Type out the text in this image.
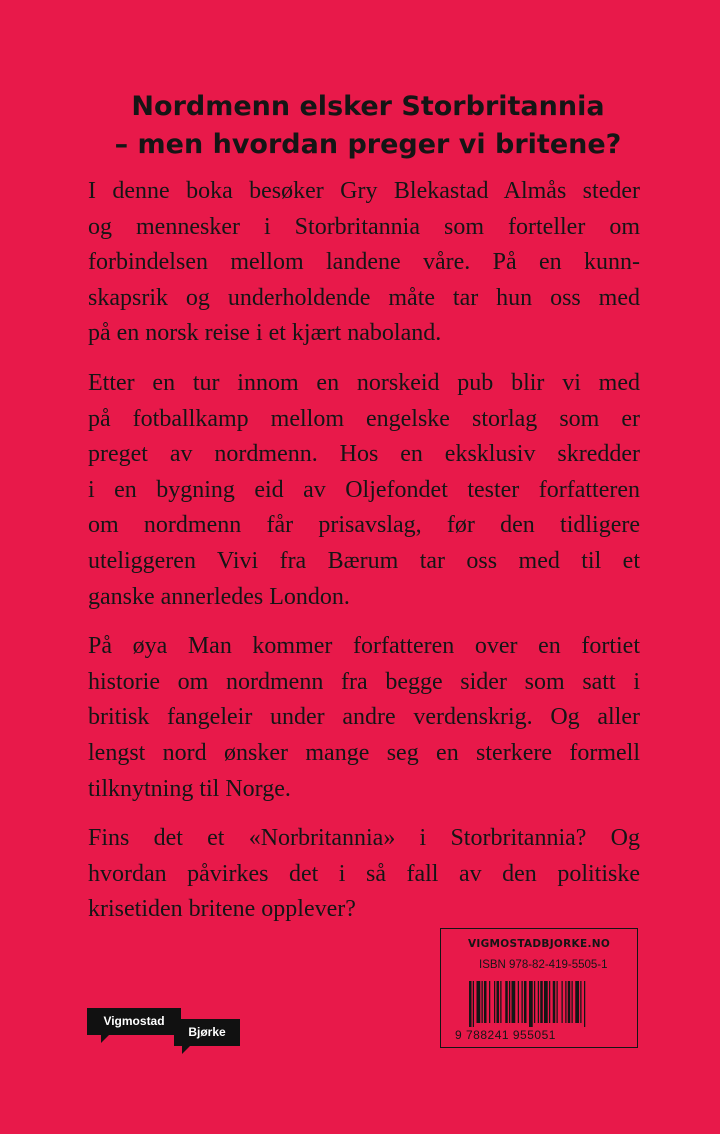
Nordmenn elsker Storbritannia
– men hvordan preger vi britene?

I denne boka besøker Gry Blekastad Almås steder
og mennesker i Storbritannia som forteller om
forbindelsen mellom landene våre. På en kunn-
skapsrik og underholdende måte tar hun oss med
på en norsk reise i et kjært naboland.

Etter en tur innom en norskeid pub blir vi med
på fotballkamp mellom engelske storlag som er
preget av nordmenn. Hos en eksklusiv skredder
i en bygning eid av Oljefondet tester forfatteren
om nordmenn får prisavslag, før den tidligere
uteliggeren Vivi fra Bærum tar oss med til et
ganske annerledes London.

På øya Man kommer forfatteren over en fortiet
historie om nordmenn fra begge sider som satt i
britisk fangeleir under andre verdenskrig. Og aller
lengst nord ønsker mange seg en sterkere formell
tilknytning til Norge.

Fins det et «Norbritannia» i Storbritannia? Og
hvordan påvirkes det i så fall av den politiske
krisetiden britene opplever?

Vigmostad
Bjørke
VIGMOSTADBJORKE.NO
ISBN 978-82-419-5505-1
9 788241 955051
